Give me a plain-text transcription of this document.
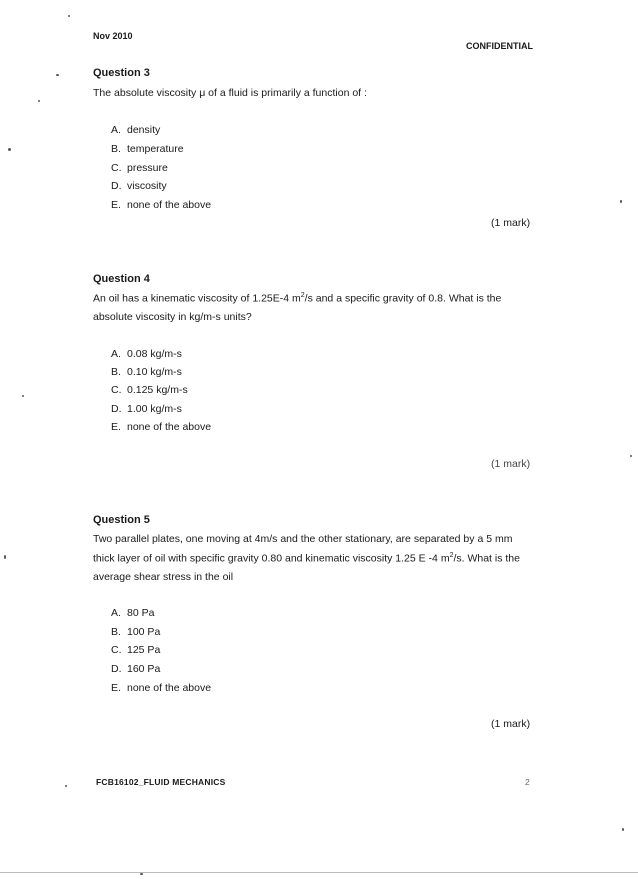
Nov 2010
CONFIDENTIAL
Question 3
The absolute viscosity μ of a fluid is primarily a function of :
A. density
B. temperature
C. pressure
D. viscosity
E. none of the above
(1 mark)
Question 4
An oil has a kinematic viscosity of 1.25E-4 $m^2/s$ and a specific gravity of 0.8. What is the
absolute viscosity in kg/m-s units?
A. 0.08 kg/m-s
B. 0.10 kg/m-s
C. 0.125 kg/m-s
D. 1.00 kg/m-s
E. none of the above
(1 mark)
Question 5
Two parallel plates, one moving at 4m/s and the other stationary, are separated by a 5 mm
thick layer of oil with specific gravity 0.80 and kinematic viscosity 1.25 E -4 $m^2/s$. What is the
average shear stress in the oil
A. 80 Pa
B. 100 Pa
C. 125 Pa
D. 160 Pa
E. none of the above
(1 mark)
FCB16102_FLUID MECHANICS	2
